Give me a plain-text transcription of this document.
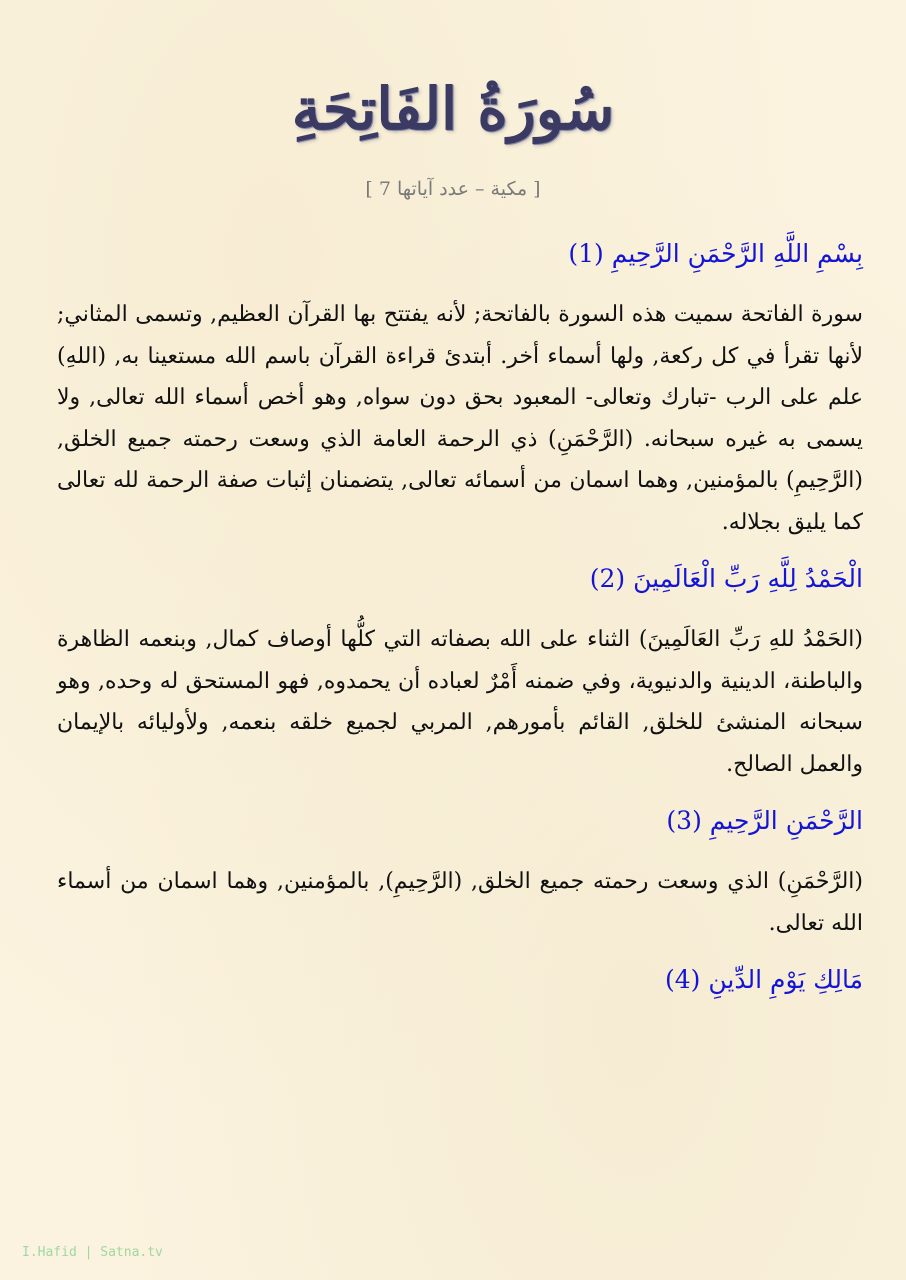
سُورَةُ الفَاتِحَةِ
[ مكية – عدد آياتها 7 ]

بِسْمِ اللَّهِ الرَّحْمَنِ الرَّحِيمِ (1)

سورة الفاتحة سميت هذه السورة بالفاتحة; لأنه يفتتح بها القرآن العظيم, وتسمى المثاني; لأنها تقرأ في كل ركعة, ولها أسماء أخر. أبتدئ قراءة القرآن باسم الله مستعينا به, (اللهِ) علم على الرب -تبارك وتعالى- المعبود بحق دون سواه, وهو أخص أسماء الله تعالى, ولا يسمى به غيره سبحانه. (الرَّحْمَنِ) ذي الرحمة العامة الذي وسعت رحمته جميع الخلق, (الرَّحِيمِ) بالمؤمنين, وهما اسمان من أسمائه تعالى, يتضمنان إثبات صفة الرحمة لله تعالى كما يليق بجلاله.

الْحَمْدُ لِلَّهِ رَبِّ الْعَالَمِينَ (2)

(الحَمْدُ للهِ رَبِّ العَالَمِينَ) الثناء على الله بصفاته التي كلُّها أوصاف كمال, وبنعمه الظاهرة والباطنة، الدينية والدنيوية، وفي ضمنه أَمْرٌ لعباده أن يحمدوه, فهو المستحق له وحده, وهو سبحانه المنشئ للخلق, القائم بأمورهم, المربي لجميع خلقه بنعمه, ولأوليائه بالإيمان والعمل الصالح.

الرَّحْمَنِ الرَّحِيمِ (3)

(الرَّحْمَنِ) الذي وسعت رحمته جميع الخلق, (الرَّحِيمِ), بالمؤمنين, وهما اسمان من أسماء الله تعالى.

مَالِكِ يَوْمِ الدِّينِ (4)

I.Hafid | Satna.tv
